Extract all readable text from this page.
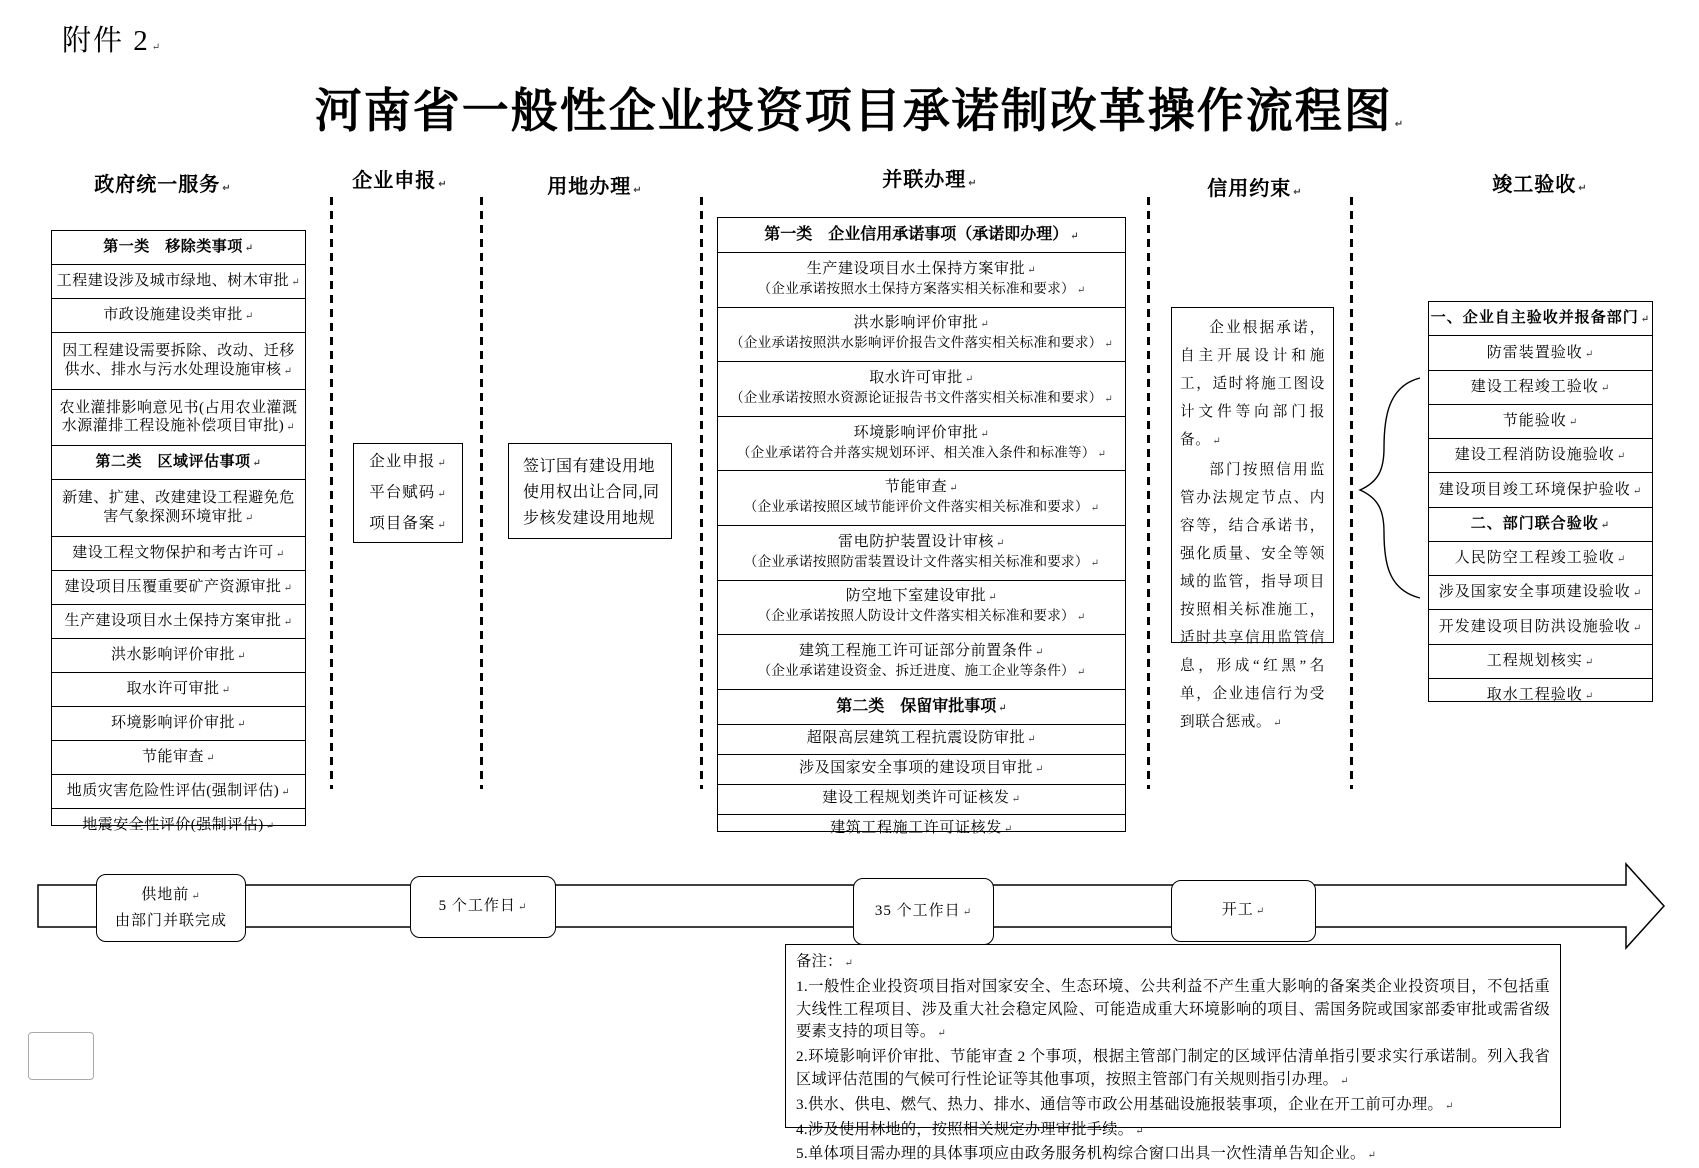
附件 2 ↵
河南省一般性企业投资项目承诺制改革操作流程图 ↵
政府统一服务 ↵	企业申报 ↵	用地办理 ↵	并联办理 ↵	信用约束 ↵	竣工验收 ↵
第一类　移除类事项 ↵
工程建设涉及城市绿地、树木审批 ↵
市政设施建设类审批 ↵
因工程建设需要拆除、改动、迁移供水、排水与污水处理设施审核 ↵
农业灌排影响意见书(占用农业灌溉水源灌排工程设施补偿项目审批) ↵
第二类　区域评估事项 ↵
新建、扩建、改建建设工程避免危害气象探测环境审批 ↵
建设工程文物保护和考古许可 ↵
建设项目压覆重要矿产资源审批 ↵
生产建设项目水土保持方案审批 ↵
洪水影响评价审批 ↵
取水许可审批 ↵
环境影响评价审批 ↵
节能审查 ↵
地质灾害危险性评估(强制评估) ↵
地震安全性评价(强制评估) ↵
企业申报 ↵
平台赋码 ↵
项目备案 ↵
签订国有建设用地
使用权出让合同,同
步核发建设用地规
第一类　企业信用承诺事项（承诺即办理） ↵
生产建设项目水土保持方案审批 ↵
（企业承诺按照水土保持方案落实相关标准和要求） ↵
洪水影响评价审批 ↵
（企业承诺按照洪水影响评价报告文件落实相关标准和要求） ↵
取水许可审批 ↵
（企业承诺按照水资源论证报告书文件落实相关标准和要求） ↵
环境影响评价审批 ↵
（企业承诺符合并落实规划环评、相关准入条件和标准等） ↵
节能审查 ↵
（企业承诺按照区域节能评价文件落实相关标准和要求） ↵
雷电防护装置设计审核 ↵
（企业承诺按照防雷装置设计文件落实相关标准和要求） ↵
防空地下室建设审批 ↵
（企业承诺按照人防设计文件落实相关标准和要求） ↵
建筑工程施工许可证部分前置条件 ↵
（企业承诺建设资金、拆迁进度、施工企业等条件） ↵
第二类　保留审批事项 ↵
超限高层建筑工程抗震设防审批 ↵
涉及国家安全事项的建设项目审批 ↵
建设工程规划类许可证核发 ↵
建筑工程施工许可证核发 ↵

企业根据承诺，自主开展设计和施工，适时将施工图设计文件等向部门报备。 ↵

部门按照信用监管办法规定节点、内容等，结合承诺书，强化质量、安全等领域的监管，指导项目按照相关标准施工，适时共享信用监管信息，形成“红黑”名单，企业违信行为受到联合惩戒。 ↵

一、企业自主验收并报备部门 ↵
防雷装置验收 ↵
建设工程竣工验收 ↵
节能验收 ↵
建设工程消防设施验收 ↵
建设项目竣工环境保护验收 ↵
二、部门联合验收 ↵
人民防空工程竣工验收 ↵
涉及国家安全事项建设验收 ↵
开发建设项目防洪设施验收 ↵
工程规划核实 ↵
取水工程验收 ↵
供地前 ↵
由部门并联完成
5 个工作日 ↵	35 个工作日 ↵	开工 ↵
备注： ↵
1.一般性企业投资项目指对国家安全、生态环境、公共利益不产生重大影响的备案类企业投资项目，不包括重大线性工程项目、涉及重大社会稳定风险、可能造成重大环境影响的项目、需国务院或国家部委审批或需省级要素支持的项目等。 ↵
2.环境影响评价审批、节能审查 2 个事项，根据主管部门制定的区域评估清单指引要求实行承诺制。列入我省区域评估范围的气候可行性论证等其他事项，按照主管部门有关规则指引办理。 ↵
3.供水、供电、燃气、热力、排水、通信等市政公用基础设施报装事项，企业在开工前可办理。 ↵
4.涉及使用林地的，按照相关规定办理审批手续。 ↵
5.单体项目需办理的具体事项应由政务服务机构综合窗口出具一次性清单告知企业。 ↵
